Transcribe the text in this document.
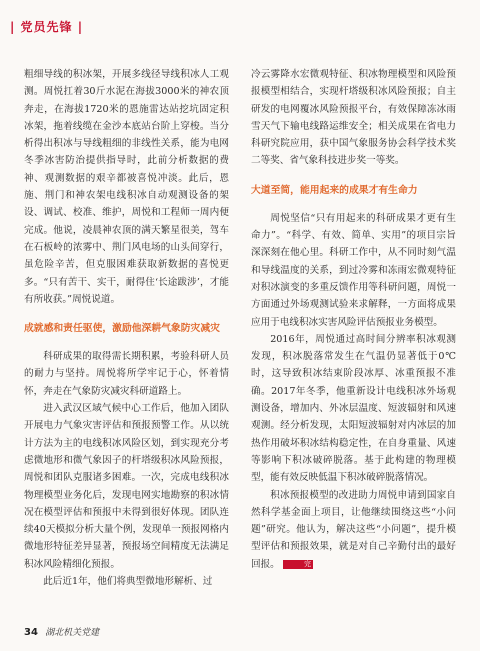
| 党员先锋 |

粗细导线的积冰架，开展多线径导线积冰人工观测。周悦扛着30斤水泥在海拔3000米的神农顶奔走，在海拔1720米的恩施雷达站挖坑固定积冰架，拖着线缆在金沙本底站台阶上穿梭。当分析得出积冰与导线粗细的非线性关系，能为电网冬季冰害防治提供指导时，此前分析数据的费神、观测数据的艰辛都被喜悦冲淡。此后，恩施、荆门和神农架电线积冰自动观测设备的架设、调试、校准、维护，周悦和工程师一周内便完成。他说，凌晨神农顶的满天繁星很美，驾车在石板岭的浓雾中、荆门风电场的山头间穿行，虽危险辛苦，但克服困难获取新数据的喜悦更多。“只有苦干、实干，耐得住‘长途跋涉’，才能有所收获。”周悦说道。

成就感和责任驱使，激励他深耕气象防灾减灾

科研成果的取得需长期积累，考验科研人员的耐力与坚持。周悦将所学牢记于心，怀着情怀，奔走在气象防灾减灾科研道路上。

进入武汉区域气候中心工作后，他加入团队开展电力气象灾害评估和预报预警工作。从以统计方法为主的电线积冰风险区划，到实现充分考虑微地形和微气象因子的杆塔级积冰风险预报，周悦和团队克服诸多困难。一次，完成电线积冰物理模型业务化后，发现电网实地勘察的积冰情况在模型评估和预报中未得到很好体现。团队连续40天模拟分析大量个例，发现单一预报网格内微地形特征差异显著，预报场空间精度无法满足积冰风险精细化预报。

此后近1年，他们将典型微地形解析、过

冷云雾降水宏微观特征、积冰物理模型和风险预报模型相结合，实现杆塔级积冰风险预报；自主研发的电网覆冰风险预报平台，有效保障冻冰雨雪天气下输电线路运维安全；相关成果在省电力科研究院应用，获中国气象服务协会科学技术奖二等奖、省气象科技进步奖一等奖。

大道至简，能用起来的成果才有生命力

周悦坚信“只有用起来的科研成果才更有生命力”。“科学、有效、简单、实用”的项目宗旨深深刻在他心里。科研工作中，从不同时刻气温和导线温度的关系，到过冷雾和冻雨宏微观特征对积冰演变的多重反馈作用等科研问题，周悦一方面通过外场观测试验来求解释，一方面将成果应用于电线积冰实害风险评估预报业务模型。

2016年，周悦通过高时间分辨率积冰观测发现，积冰脱落常发生在气温仍显著低于0℃时，这导致积冰结束阶段冰厚、冰重预报不准确。2017年冬季，他重新设计电线积冰外场观测设备，增加内、外冰层温度、短波辐射和风速观测。经分析发现，太阳短波辐射对内冰层的加热作用破坏积冰结构稳定性，在自身重量、风速等影响下积冰破碎脱落。基于此构建的物理模型，能有效反映低温下积冰破碎脱落情况。

积冰预报模型的改进助力周悦申请到国家自然科学基金面上项目，让他继续围绕这些“小问题”研究。他认为，解决这些“小问题”，提升模型评估和预报效果，就是对自己辛勤付出的最好回报。	完

34 湖北机关党建
